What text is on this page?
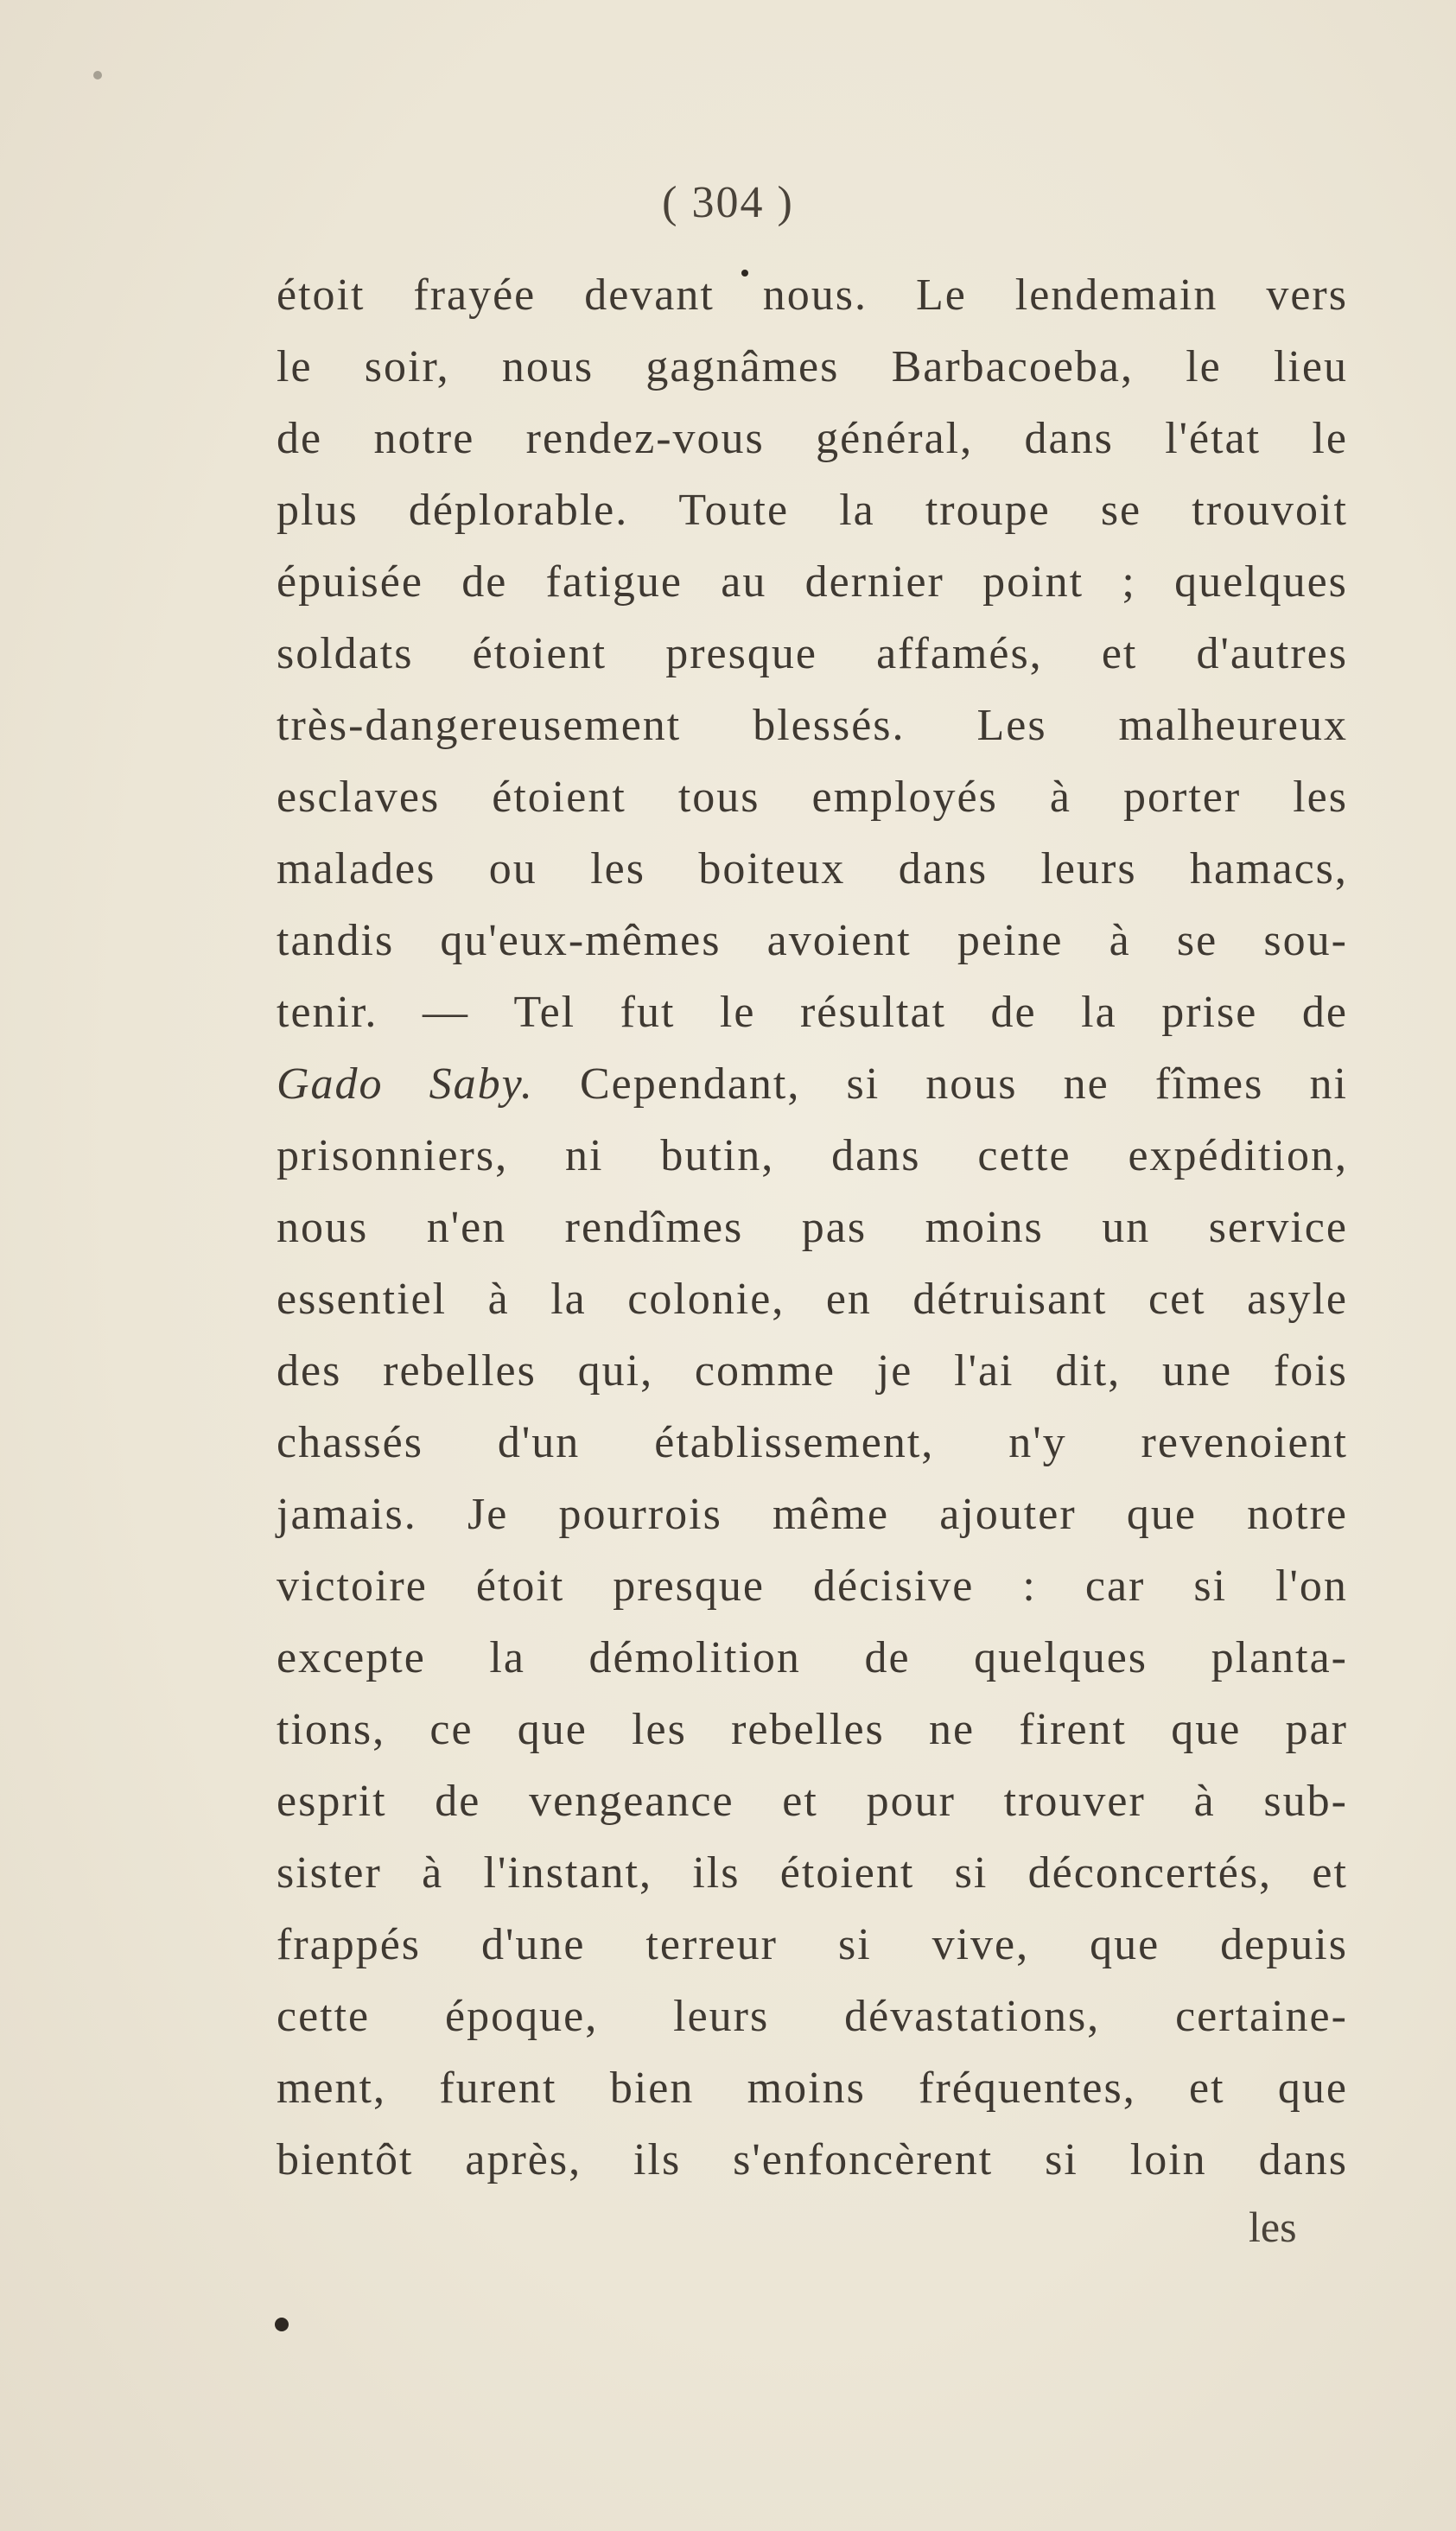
( 304 )
étoit frayée devant nous. Le lendemain vers
le soir, nous gagnâmes Barbacoeba, le lieu
de notre rendez-vous général, dans l'état le
plus déplorable. Toute la troupe se trouvoit
épuisée de fatigue au dernier point ; quelques
soldats étoient presque affamés, et d'autres
très-dangereusement blessés. Les malheureux
esclaves étoient tous employés à porter les
malades ou les boiteux dans leurs hamacs,
tandis qu'eux-mêmes avoient peine à se sou-
tenir. — Tel fut le résultat de la prise de
Gado Saby. Cependant, si nous ne fîmes ni
prisonniers, ni butin, dans cette expédition,
nous n'en rendîmes pas moins un service
essentiel à la colonie, en détruisant cet asyle
des rebelles qui, comme je l'ai dit, une fois
chassés d'un établissement, n'y revenoient
jamais. Je pourrois même ajouter que notre
victoire étoit presque décisive : car si l'on
excepte la démolition de quelques planta-
tions, ce que les rebelles ne firent que par
esprit de vengeance et pour trouver à sub-
sister à l'instant, ils étoient si déconcertés, et
frappés d'une terreur si vive, que depuis
cette époque, leurs dévastations, certaine-
ment, furent bien moins fréquentes, et que
bientôt après, ils s'enfoncèrent si loin dans
les
